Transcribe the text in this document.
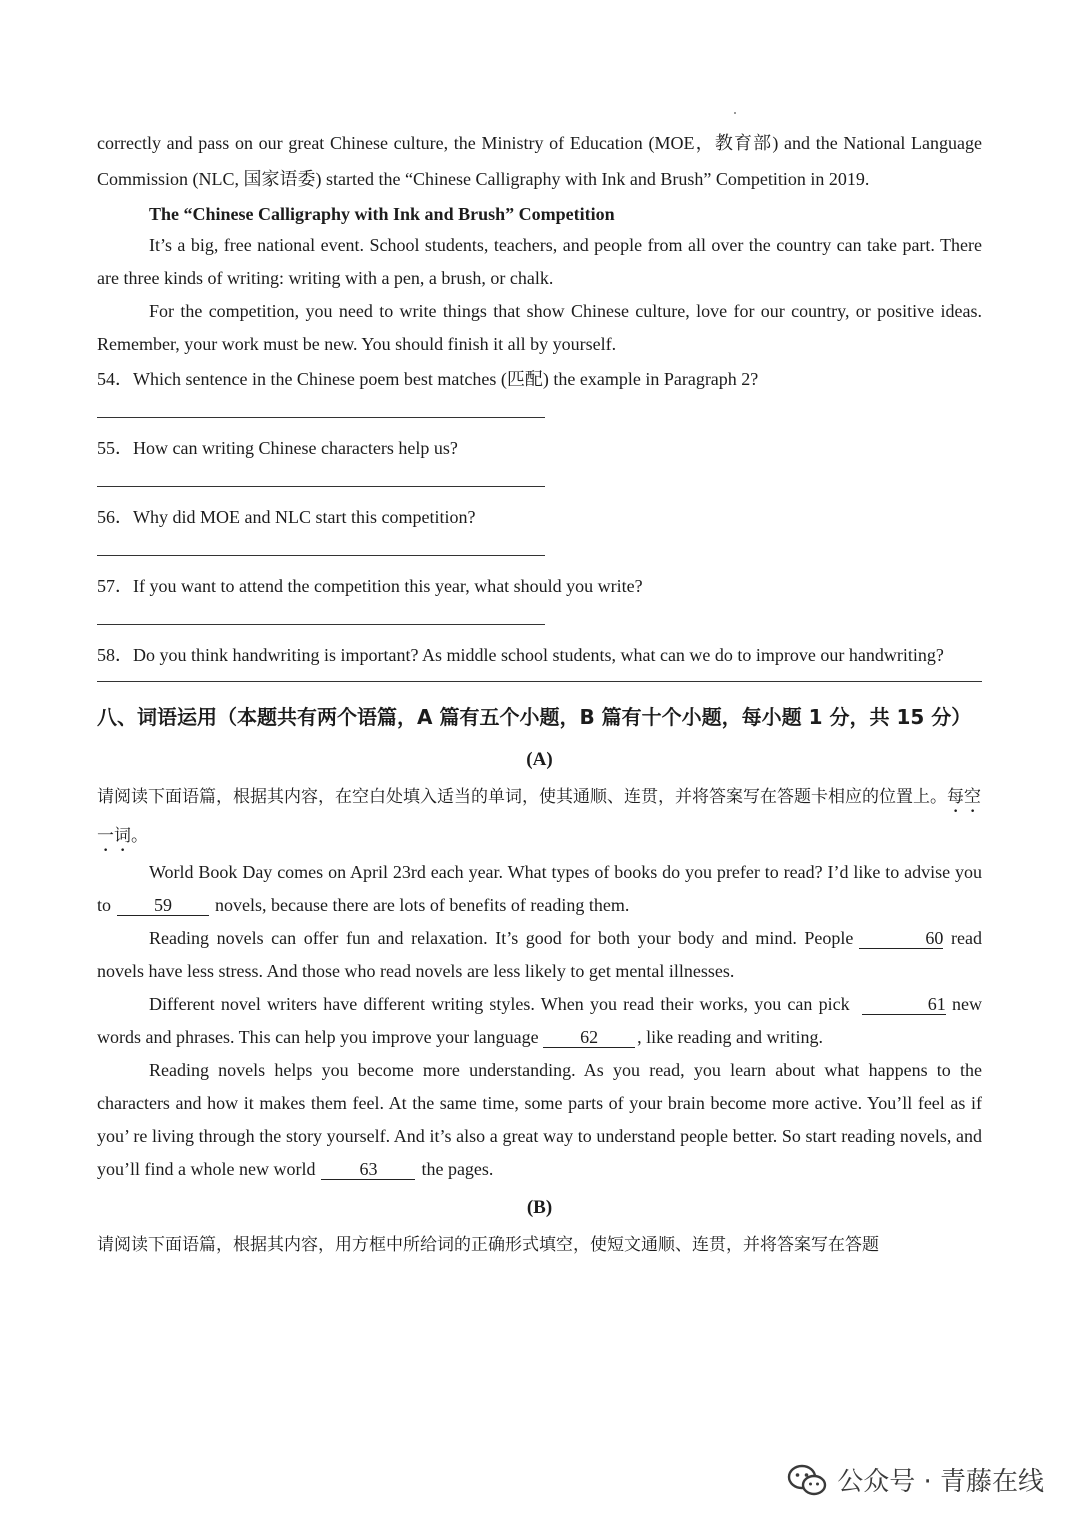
correctly and pass on our great Chinese culture, the Ministry of Education (MOE，教育部) and the National Language Commission (NLC, 国家语委) started the “Chinese Calligraphy with Ink and Brush” Competition in 2019.

The “Chinese Calligraphy with Ink and Brush” Competition

It’s a big, free national event. School students, teachers, and people from all over the country can take part. There are three kinds of writing: writing with a pen, a brush, or chalk.

For the competition, you need to write things that show Chinese culture, love for our country, or positive ideas. Remember, your work must be new. You should finish it all by yourself.

54．Which sentence in the Chinese poem best matches (匹配) the example in Paragraph 2?

55．How can writing Chinese characters help us?

56．Why did MOE and NLC start this competition?

57．If you want to attend the competition this year, what should you write?

58．Do you think handwriting is important? As middle school students, what can we do to improve our handwriting?

八、词语运用（本题共有两个语篇，A 篇有五个小题，B 篇有十个小题，每小题 1 分，共 15 分）

(A)

请阅读下面语篇，根据其内容，在空白处填入适当的单词，使其通顺、连贯，并将答案写在答题卡相应的位置上。每空一词。

World Book Day comes on April 23rd each year. What types of books do you prefer to read? I’d like to advise you to 59 novels, because there are lots of benefits of reading them.

Reading novels can offer fun and relaxation. It’s good for both your body and mind. People	60 read novels have less stress. And those who read novels are less likely to get mental illnesses.

Different novel writers have different writing styles. When you read their works, you can pick	61 new words and phrases. This can help you improve your language 62 , like reading and writing.

Reading novels helps you become more understanding. As you read, you learn about what happens to the characters and how it makes them feel. At the same time, some parts of your brain become more active. You’ll feel as if you’ re living through the story yourself. And it’s also a great way to understand people better. So start reading novels, and you’ll find a whole new world 63 the pages.

(B)

请阅读下面语篇，根据其内容，用方框中所给词的正确形式填空，使短文通顺、连贯，并将答案写在答题

公众号 · 青藤在线
